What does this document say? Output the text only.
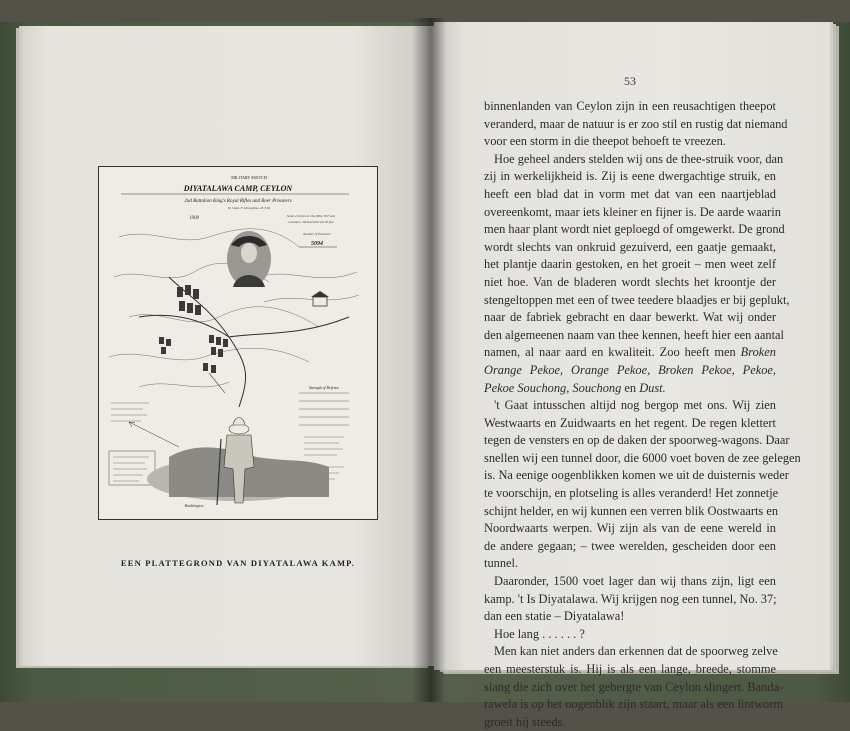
MILITARY SKETCH
DIYATALAWA CAMP, CEYLON
2nd Battalion King's Royal Rifles and Boer Prisoners
by Capt. F. Deveglins. 23.3.02
1900	Scale 4 inches to One Mile. H.F. abs
Contours. Vertical Interval 50 feet
Number of Prisoners
5094
Strength of Defence
Haddington
EEN PLATTEGROND VAN DIYATALAWA KAMP.
53

binnenlanden van Ceylon zijn in een reusachtigen theepot
veranderd, maar de natuur is er zoo stil en rustig dat niemand
voor een storm in die theepot behoeft te vreezen.

Hoe geheel anders stelden wij ons de thee-struik voor, dan
zij in werkelijkheid is. Zij is eene dwergachtige struik, en
heeft een blad dat in vorm met dat van een naartjeblad
overeenkomt, maar iets kleiner en fijner is. De aarde waarin
men haar plant wordt niet geploegd of omgewerkt. De grond
wordt slechts van onkruid gezuiverd, een gaatje gemaakt,
het plantje daarin gestoken, en het groeit – men weet zelf
niet hoe. Van de bladeren wordt slechts het kroontje der
stengeltoppen met een of twee teedere blaadjes er bij geplukt,
naar de fabriek gebracht en daar bewerkt. Wat wij onder
den algemeenen naam van thee kennen, heeft hier een aantal
namen, al naar aard en kwaliteit. Zoo heeft men Broken Orange Pekoe, Orange Pekoe, Broken Pekoe, Pekoe, Pekoe Souchong, Souchong en Dust.

't Gaat intusschen altijd nog bergop met ons. Wij zien
Westwaarts en Zuidwaarts en het regent. De regen klettert
tegen de vensters en op de daken der spoorweg-wagons. Daar
snellen wij een tunnel door, die 6000 voet boven de zee gelegen
is. Na eenige oogenblikken komen we uit de duisternis weder
te voorschijn, en plotseling is alles veranderd! Het zonnetje
schijnt helder, en wij kunnen een verren blik Oostwaarts en
Noordwaarts werpen. Wij zijn als van de eene wereld in
de andere gegaan; – twee werelden, gescheiden door een
tunnel.

Daaronder, 1500 voet lager dan wij thans zijn, ligt een
kamp. 't Is Diyatalawa. Wij krijgen nog een tunnel, No. 37;
dan een statie – Diyatalawa!

Hoe lang . . . . . . ?

Men kan niet anders dan erkennen dat de spoorweg zelve
een meesterstuk is. Hij is als een lange, breede, stomme
slang die zich over het gebergte van Ceylon slingert. Banda-
rawela is op het oogenblik zijn staart, maar als een lintworm
groeit hij steeds.
